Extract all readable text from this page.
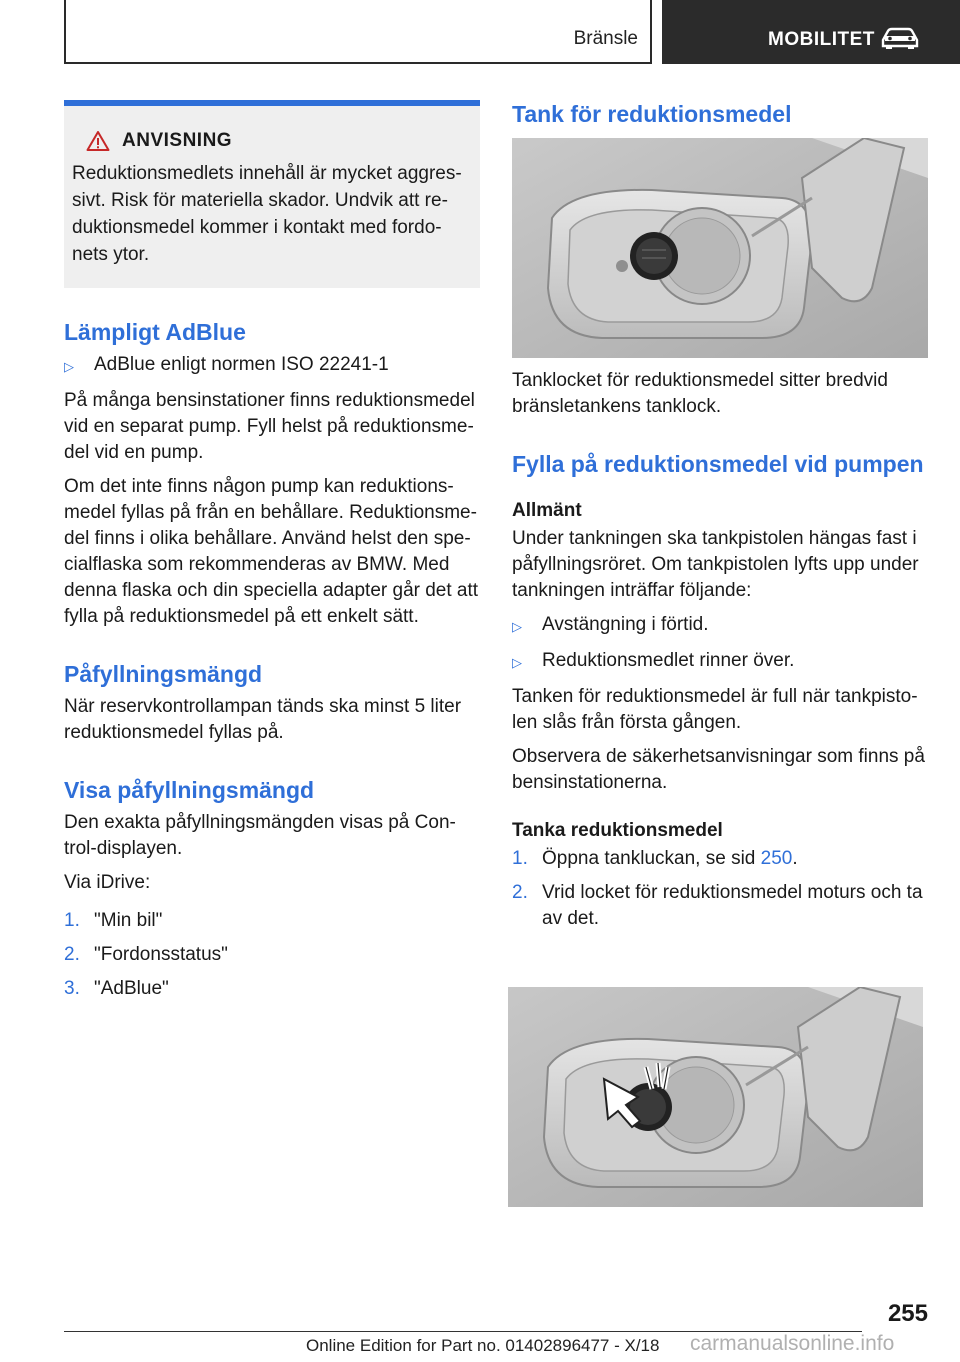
Bränsle	MOBILITET
ANVISNING

Reduktionsmedlets innehåll är mycket aggressivt. Risk för materiella skador. Undvik att reduktionsmedel kommer i kontakt med fordonets ytor.

Lämpligt AdBlue
▷	AdBlue enligt normen ISO 22241-1

På många bensinstationer finns reduktionsmedel vid en separat pump. Fyll helst på reduktionsmedel vid en pump.

Om det inte finns någon pump kan reduktionsmedel fyllas på från en behållare. Reduktionsmedel finns i olika behållare. Använd helst den specialflaska som rekommenderas av BMW. Med denna flaska och din speciella adapter går det att fylla på reduktionsmedel på ett enkelt sätt.

Påfyllningsmängd

När reservkontrollampan tänds ska minst 5 liter reduktionsmedel fyllas på.

Visa påfyllningsmängd

Den exakta påfyllningsmängden visas på Control-displayen.

Via iDrive:

1. "Min bil"
2. "Fordonsstatus"
3. "AdBlue"
Tank för reduktionsmedel

Tanklocket för reduktionsmedel sitter bredvid bränsletankens tanklock.

Fylla på reduktionsmedel vid pumpen
Allmänt

Under tankningen ska tankpistolen hängas fast i påfyllningsröret. Om tankpistolen lyfts upp under tankningen inträffar följande:

▷	Avstängning i förtid.
▷	Reduktionsmedlet rinner över.

Tanken för reduktionsmedel är full när tankpistolen slås från första gången.

Observera de säkerhetsanvisningar som finns på bensinstationerna.

Tanka reduktionsmedel
1. Öppna tankluckan, se sid 250.
2. Vrid locket för reduktionsmedel moturs och ta av det.
255
Online Edition for Part no. 01402896477 - X/18 carmanualsonline.info
